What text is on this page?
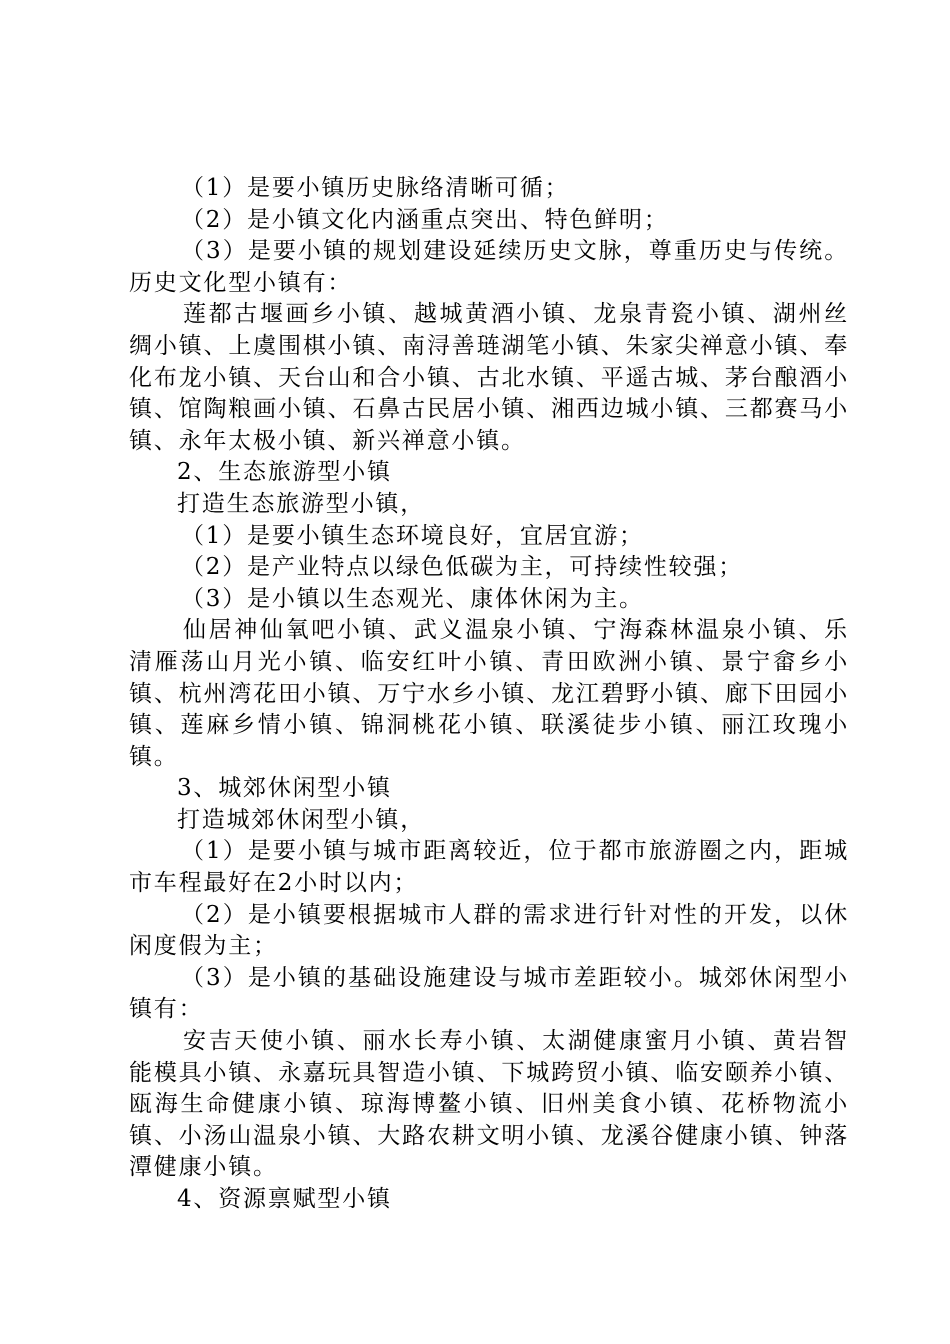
（1）是要小镇历史脉络清晰可循；

（2）是小镇文化内涵重点突出、特色鲜明；

（3）是要小镇的规划建设延续历史文脉，尊重历史与传统。历史文化型小镇有：

莲都古堰画乡小镇、越城黄酒小镇、龙泉青瓷小镇、湖州丝绸小镇、上虞围棋小镇、南浔善琏湖笔小镇、朱家尖禅意小镇、奉化布龙小镇、天台山和合小镇、古北水镇、平遥古城、茅台酿酒小镇、馆陶粮画小镇、石鼻古民居小镇、湘西边城小镇、三都赛马小镇、永年太极小镇、新兴禅意小镇。

2、生态旅游型小镇

打造生态旅游型小镇，

（1）是要小镇生态环境良好，宜居宜游；

（2）是产业特点以绿色低碳为主，可持续性较强；

（3）是小镇以生态观光、康体休闲为主。

仙居神仙氧吧小镇、武义温泉小镇、宁海森林温泉小镇、乐清雁荡山月光小镇、临安红叶小镇、青田欧洲小镇、景宁畲乡小镇、杭州湾花田小镇、万宁水乡小镇、龙江碧野小镇、廊下田园小镇、莲麻乡情小镇、锦洞桃花小镇、联溪徒步小镇、丽江玫瑰小镇。

3、城郊休闲型小镇

打造城郊休闲型小镇，

（1）是要小镇与城市距离较近，位于都市旅游圈之内，距城市车程最好在2小时以内；

（2）是小镇要根据城市人群的需求进行针对性的开发，以休闲度假为主；

（3）是小镇的基础设施建设与城市差距较小。城郊休闲型小镇有：

安吉天使小镇、丽水长寿小镇、太湖健康蜜月小镇、黄岩智能模具小镇、永嘉玩具智造小镇、下城跨贸小镇、临安颐养小镇、瓯海生命健康小镇、琼海博鳌小镇、旧州美食小镇、花桥物流小镇、小汤山温泉小镇、大路农耕文明小镇、龙溪谷健康小镇、钟落潭健康小镇。

4、资源禀赋型小镇
